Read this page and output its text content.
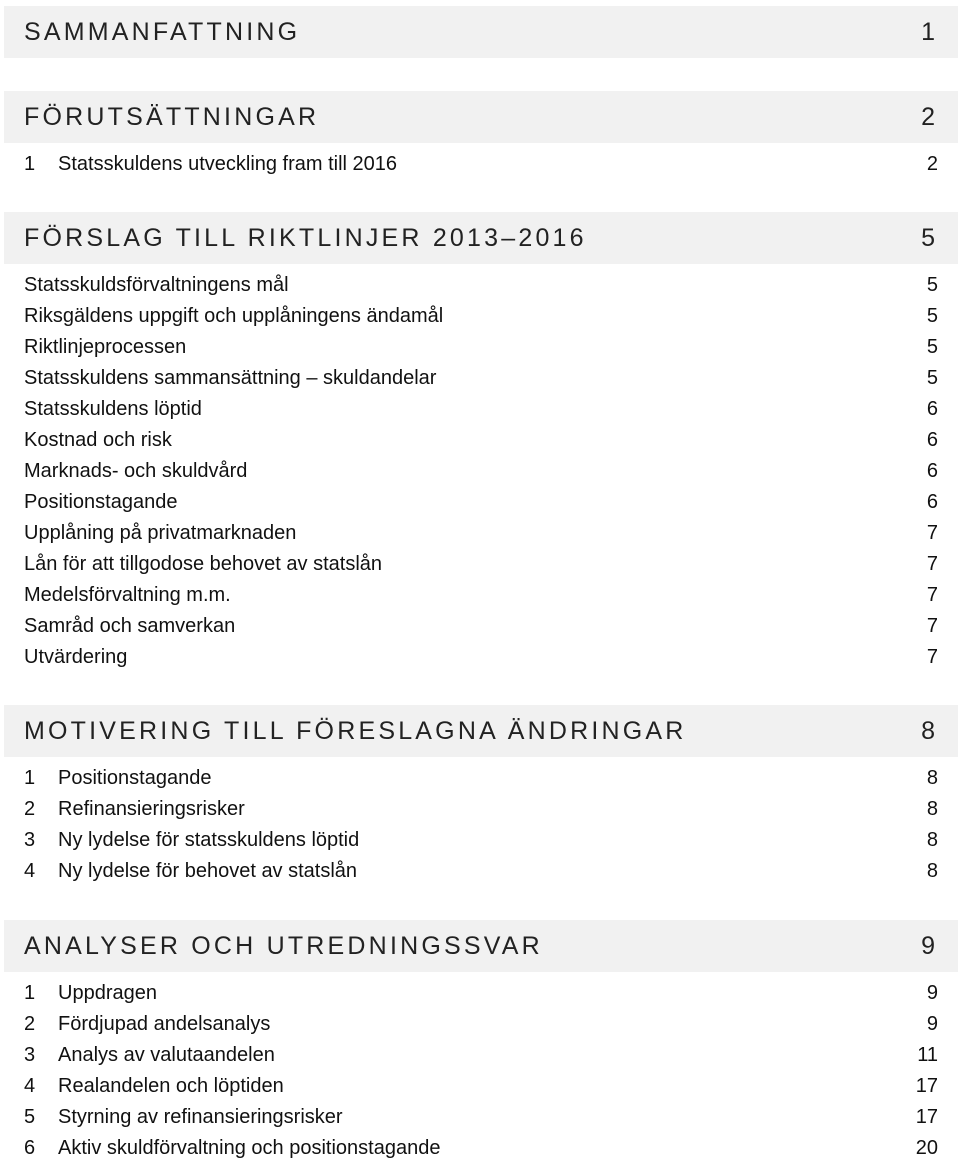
SAMMANFATTNING	1
FÖRUTSÄTTNINGAR	2
1	Statsskuldens utveckling fram till 2016	2
FÖRSLAG TILL RIKTLINJER 2013–2016	5
Statsskuldsförvaltningens mål	5
Riksgäldens uppgift och upplåningens ändamål	5
Riktlinjeprocessen	5
Statsskuldens sammansättning – skuldandelar	5
Statsskuldens löptid	6
Kostnad och risk	6
Marknads- och skuldvård	6
Positionstagande	6
Upplåning på privatmarknaden	7
Lån för att tillgodose behovet av statslån	7
Medelsförvaltning m.m.	7
Samråd och samverkan	7
Utvärdering	7
MOTIVERING TILL FÖRESLAGNA ÄNDRINGAR	8
1	Positionstagande	8
2	Refinansieringsrisker	8
3	Ny lydelse för statsskuldens löptid	8
4	Ny lydelse för behovet av statslån	8
ANALYSER OCH UTREDNINGSSVAR	9
1	Uppdragen	9
2	Fördjupad andelsanalys	9
3	Analys av valutaandelen	11
4	Realandelen och löptiden	17
5	Styrning av refinansieringsrisker	17
6	Aktiv skuldförvaltning och positionstagande	20
